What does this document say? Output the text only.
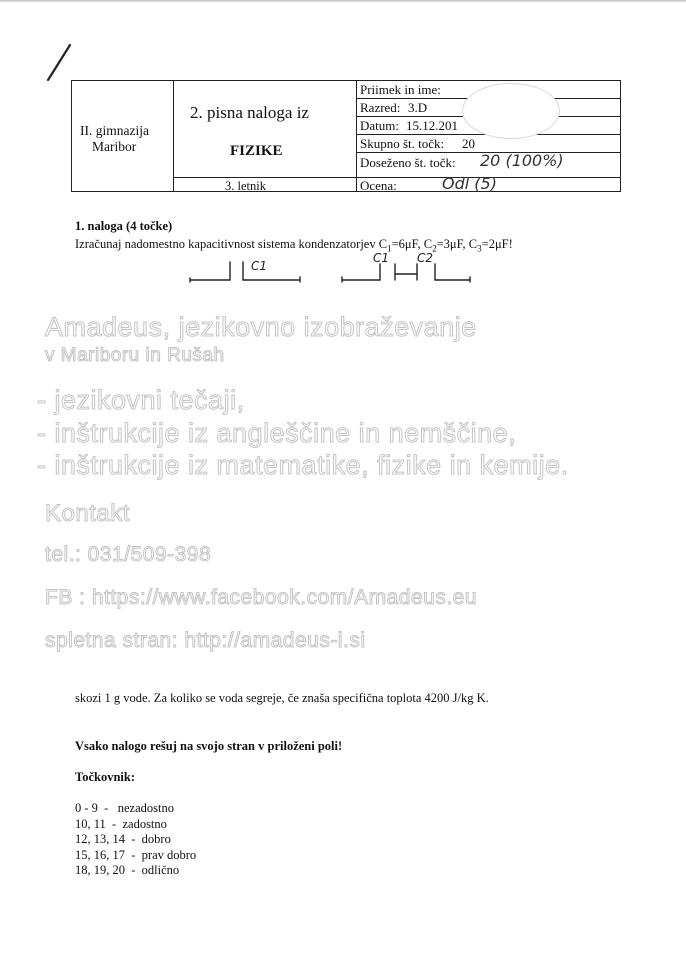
II. gimnazija
Maribor
2. pisna naloga iz
FIZIKE
3. letnik
Priimek in ime:
Razred: 3.D
Datum: 15.12.201
Skupno št. točk: 20
Doseženo št. točk: 20 (100%)
Ocena:	Odl (5)
1. naloga (4 točke)
Izračunaj nadomestno kapacitivnost sistema kondenzatorjev $C_1=6\mu F$, $C_2=3\mu F$, $C_3=2\mu F$!
C1
C1 C2
Amadeus, jezikovno izobraževanje
v Mariboru in Rušah
- jezikovni tečaji,
- inštrukcije iz angleščine in nemščine,
- inštrukcije iz matematike, fizike in kemije.
Kontakt
tel.: 031/509-398
FB : https://www.facebook.com/Amadeus.eu
spletna stran: http://amadeus-i.si
skozi 1 g vode. Za koliko se voda segreje, če znaša specifična toplota 4200 J/kg K.
Vsako nalogo rešuj na svojo stran v priloženi poli!
Točkovnik:
0 - 9  -   nezadostno
10, 11  -  zadostno
12, 13, 14  -  dobro
15, 16, 17  -  prav dobro
18, 19, 20  -  odlično
